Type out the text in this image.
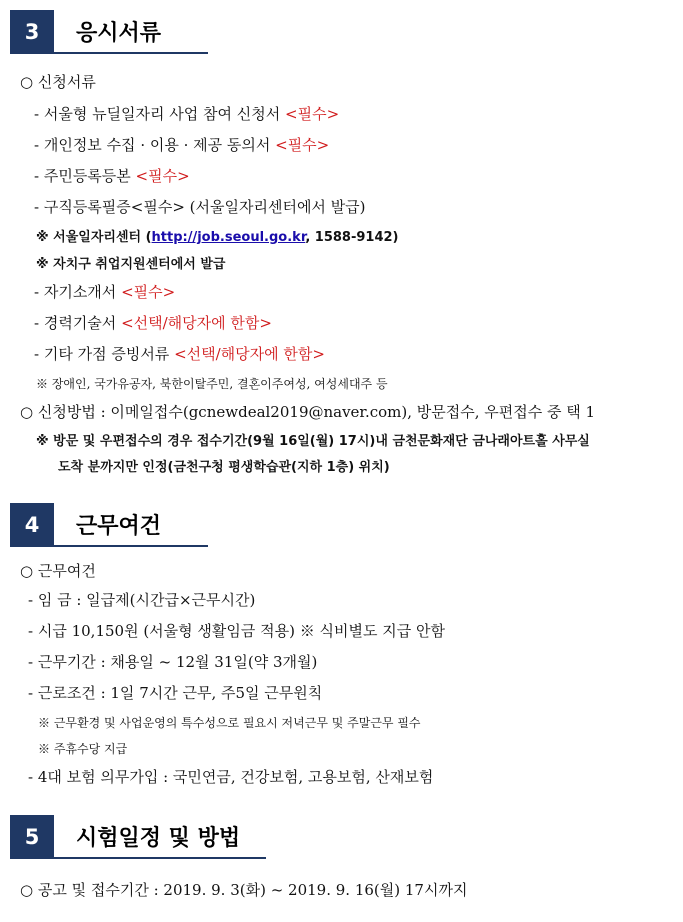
3	응시서류
○ 신청서류
- 서울형 뉴딜일자리 사업 참여 신청서 <필수>
- 개인정보 수집 · 이용 · 제공 동의서 <필수>
- 주민등록등본 <필수>
- 구직등록필증<필수> (서울일자리센터에서 발급)
※ 서울일자리센터 (http://job.seoul.go.kr, 1588-9142)
※ 자치구 취업지원센터에서 발급
- 자기소개서 <필수>
- 경력기술서 <선택/해당자에 한함>
- 기타 가점 증빙서류 <선택/해당자에 한함>
※ 장애인, 국가유공자, 북한이탈주민, 결혼이주여성, 여성세대주 등
○ 신청방법 : 이메일접수(gcnewdeal2019@naver.com), 방문접수, 우편접수 중 택 1
※ 방문 및 우편접수의 경우 접수기간(9월 16일(월) 17시)내 금천문화재단 금나래아트홀 사무실
도착 분까지만 인정(금천구청 평생학습관(지하 1층) 위치)
4	근무여건
○ 근무여건
- 임 금 : 일급제(시간급×근무시간)
- 시급 10,150원 (서울형 생활임금 적용) ※ 식비별도 지급 안함
- 근무기간 : 채용일 ~ 12월 31일(약 3개월)
- 근로조건 : 1일 7시간 근무, 주5일 근무원칙
※ 근무환경 및 사업운영의 특수성으로 필요시 저녁근무 및 주말근무 필수
※ 주휴수당 지급
- 4대 보험 의무가입 : 국민연금, 건강보험, 고용보험, 산재보험
5	시험일정 및 방법
○ 공고 및 접수기간 : 2019. 9. 3(화) ~ 2019. 9. 16(월) 17시까지
